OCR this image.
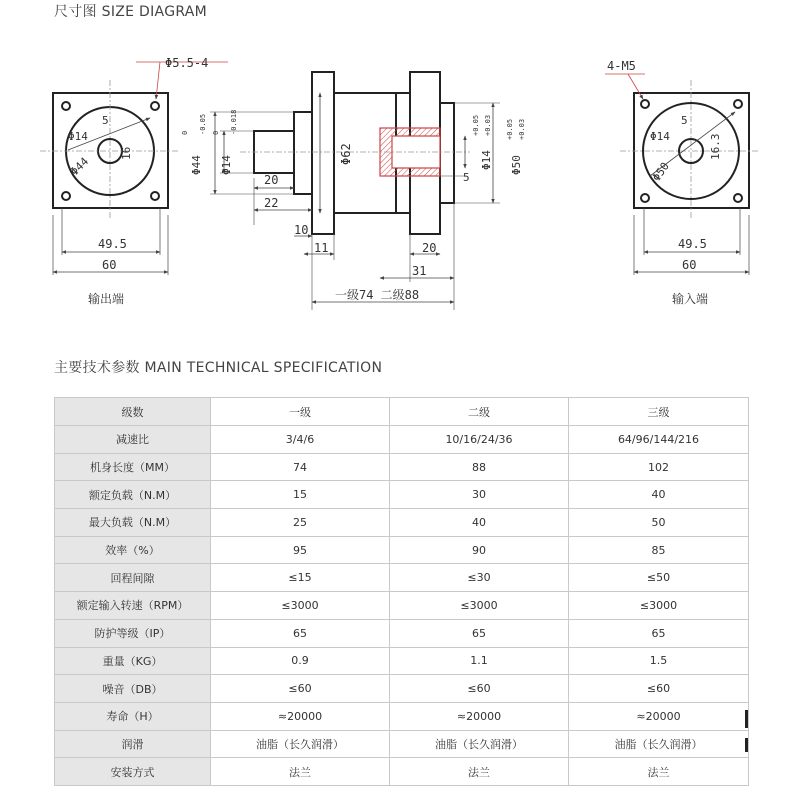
尺寸图 SIZE DIAGRAM
Φ5.5-4
Φ14
5
16
Φ44
49.5
60
输出端
Φ44
0 -0.05
Φ14
0 -0.018
Φ62	Φ14
+0.05 +0.03
Φ50
+0.05 +0.03
5
20
22
10
11	20
31
一级74 二级88
4-M5
Φ14
5
16.3
Φ50
49.5
60
输入端
主要技术参数 MAIN TECHNICAL SPECIFICATION
级数	一级	二级	三级
减速比	3/4/6	10/16/24/36	64/96/144/216
机身长度（MM）	74	88	102
额定负载（N.M）	15	30	40
最大负载（N.M）	25	40	50
效率（%）	95	90	85
回程间隙	≤15	≤30	≤50
额定输入转速（RPM）	≤3000	≤3000	≤3000
防护等级（IP）	65	65	65
重量（KG）	0.9	1.1	1.5
噪音（DB）	≤60	≤60	≤60
寿命（H）	≈20000	≈20000	≈20000
润滑	油脂（长久润滑）	油脂（长久润滑）	油脂（长久润滑）
安装方式	法兰	法兰	法兰
